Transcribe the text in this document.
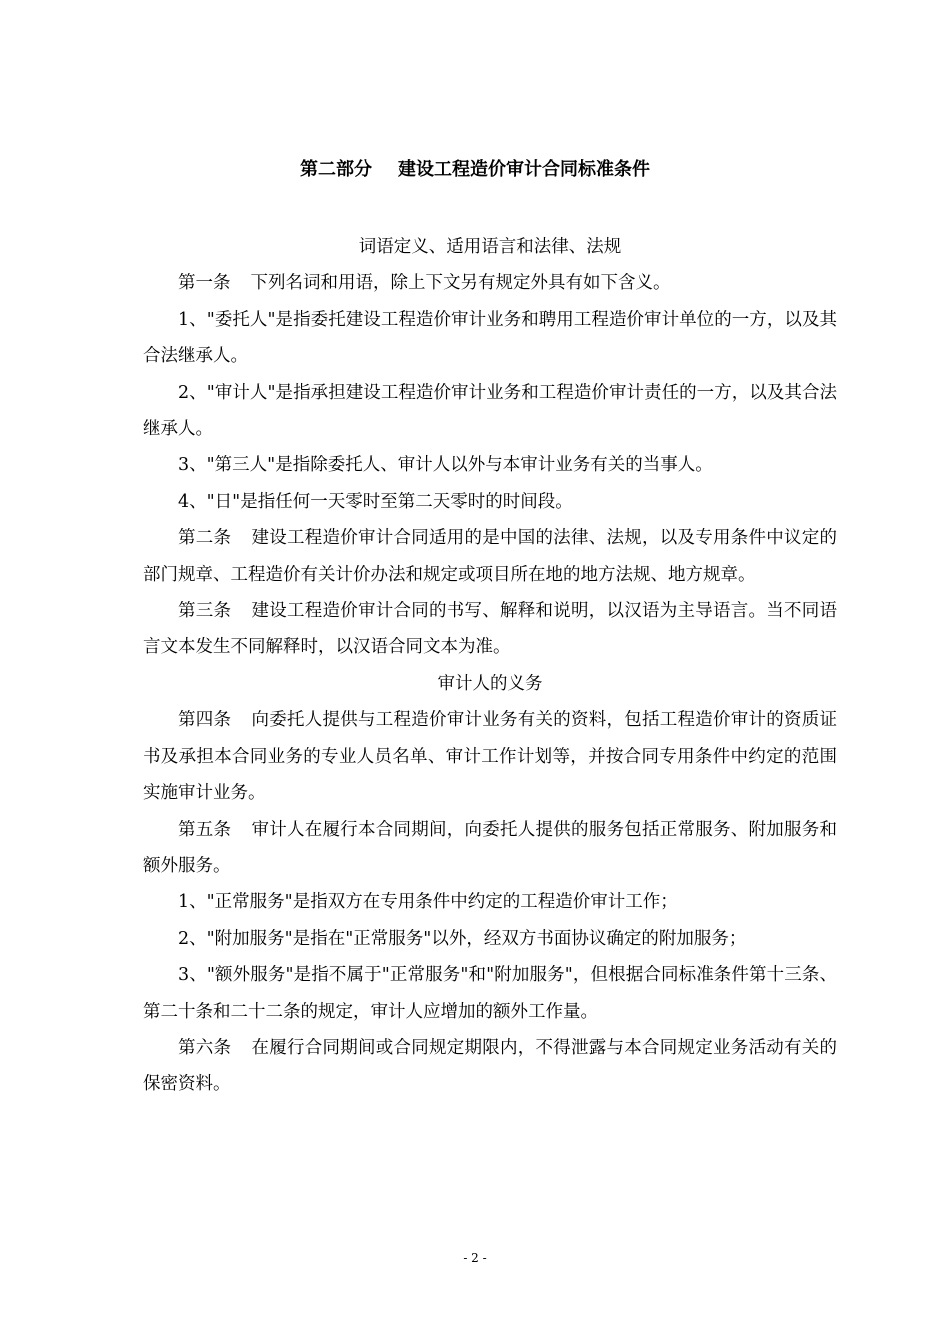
第二部分 建设工程造价审计合同标准条件

词语定义、适用语言和法律、法规

第一条 下列名词和用语，除上下文另有规定外具有如下含义。

1、"委托人"是指委托建设工程造价审计业务和聘用工程造价审计单位的一方，以及其合法继承人。

2、"审计人"是指承担建设工程造价审计业务和工程造价审计责任的一方，以及其合法继承人。

3、"第三人"是指除委托人、审计人以外与本审计业务有关的当事人。

4、"日"是指任何一天零时至第二天零时的时间段。

第二条 建设工程造价审计合同适用的是中国的法律、法规，以及专用条件中议定的部门规章、工程造价有关计价办法和规定或项目所在地的地方法规、地方规章。

第三条 建设工程造价审计合同的书写、解释和说明，以汉语为主导语言。当不同语言文本发生不同解释时，以汉语合同文本为准。

审计人的义务

第四条 向委托人提供与工程造价审计业务有关的资料，包括工程造价审计的资质证书及承担本合同业务的专业人员名单、审计工作计划等，并按合同专用条件中约定的范围实施审计业务。

第五条 审计人在履行本合同期间，向委托人提供的服务包括正常服务、附加服务和额外服务。

1、"正常服务"是指双方在专用条件中约定的工程造价审计工作；

2、"附加服务"是指在"正常服务"以外，经双方书面协议确定的附加服务；

3、"额外服务"是指不属于"正常服务"和"附加服务"，但根据合同标准条件第十三条、第二十条和二十二条的规定，审计人应增加的额外工作量。

第六条 在履行合同期间或合同规定期限内，不得泄露与本合同规定业务活动有关的保密资料。

- 2 -
